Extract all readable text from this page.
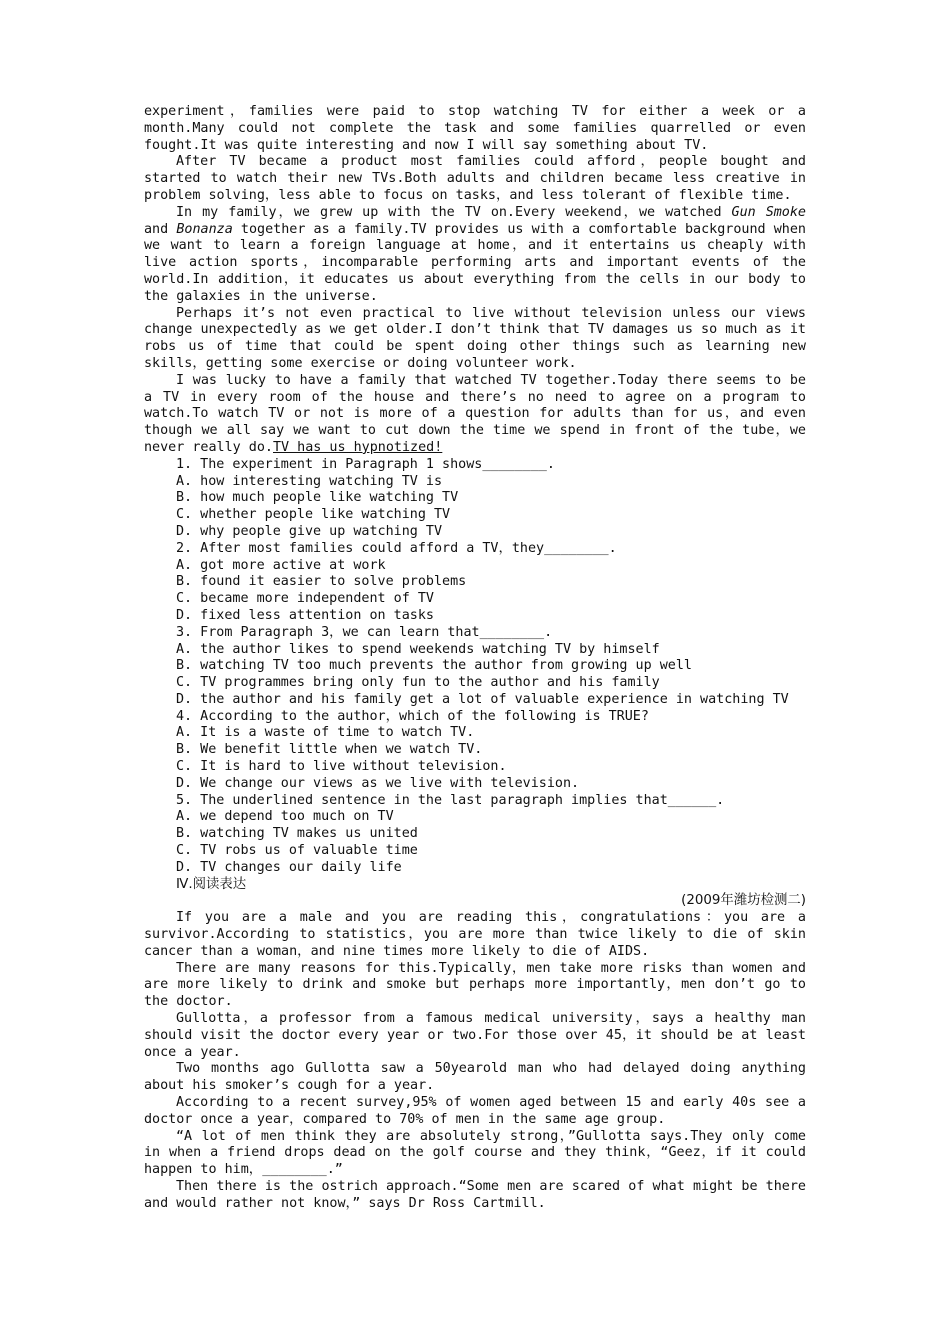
experiment，families were paid to stop watching TV for either a week or a month.Many could not complete the task and some families quarrelled or even fought.It was quite interesting and now I will say something about TV.

After TV became a product most families could afford，people bought and started to watch their new TVs.Both adults and children became less creative in problem solving，less able to focus on tasks，and less tolerant of flexible time.

In my family，we grew up with the TV on.Every weekend，we watched Gun Smoke and Bonanza together as a family.TV provides us with a comfortable background when we want to learn a foreign language at home，and it entertains us cheaply with live action sports，incomparable performing arts and important events of the world.In addition，it educates us about everything from the cells in our body to the galaxies in the universe.

Perhaps it’s not even practical to live without television unless our views change unexpectedly as we get older.I don’t think that TV damages us so much as it robs us of time that could be spent doing other things such as learning new skills，getting some exercise or doing volunteer work.

I was lucky to have a family that watched TV together.Today there seems to be a TV in every room of the house and there’s no need to agree on a program to watch.To watch TV or not is more of a question for adults than for us，and even though we all say we want to cut down the time we spend in front of the tube，we never really do.TV has us hypnotized!

1. The experiment in Paragraph 1 shows________.

A. how interesting watching TV is

B. how much people like watching TV

C. whether people like watching TV

D. why people give up watching TV

2. After most families could afford a TV，they________.

A. got more active at work

B. found it easier to solve problems

C. became more independent of TV

D. fixed less attention on tasks

3. From Paragraph 3，we can learn that________.

A. the author likes to spend weekends watching TV by himself

B. watching TV too much prevents the author from growing up well

C. TV programmes bring only fun to the author and his family

D. the author and his family get a lot of valuable experience in watching TV

4. According to the author，which of the following is TRUE?

A. It is a waste of time to watch TV.

B. We benefit little when we watch TV.

C. It is hard to live without television.

D. We change our views as we live with television.

5. The underlined sentence in the last paragraph implies that______.

A. we depend too much on TV

B. watching TV makes us united

C. TV robs us of valuable time

D. TV changes our daily life

Ⅳ.阅读表达

(2009年潍坊检测二)

If you are a male and you are reading this，congratulations：you are a survivor.According to statistics，you are more than twice likely to die of skin cancer than a woman，and nine times more likely to die of AIDS.

There are many reasons for this.Typically，men take more risks than women and are more likely to drink and smoke but perhaps more importantly，men don’t go to the doctor.

Gullotta，a professor from a famous medical university，says a healthy man should visit the doctor every year or two.For those over 45，it should be at least once a year.

Two months ago Gullotta saw a 50yearold man who had delayed doing anything about his smoker’s cough for a year.

According to a recent survey,95% of women aged between 15 and early 40s see a doctor once a year，compared to 70% of men in the same age group.

“A lot of men think they are absolutely strong，”Gullotta says.They only come in when a friend drops dead on the golf course and they think，“Geez，if it could happen to him，________.”

Then there is the ostrich approach.“Some men are scared of what might be there and would rather not know，” says Dr Ross Cartmill.
